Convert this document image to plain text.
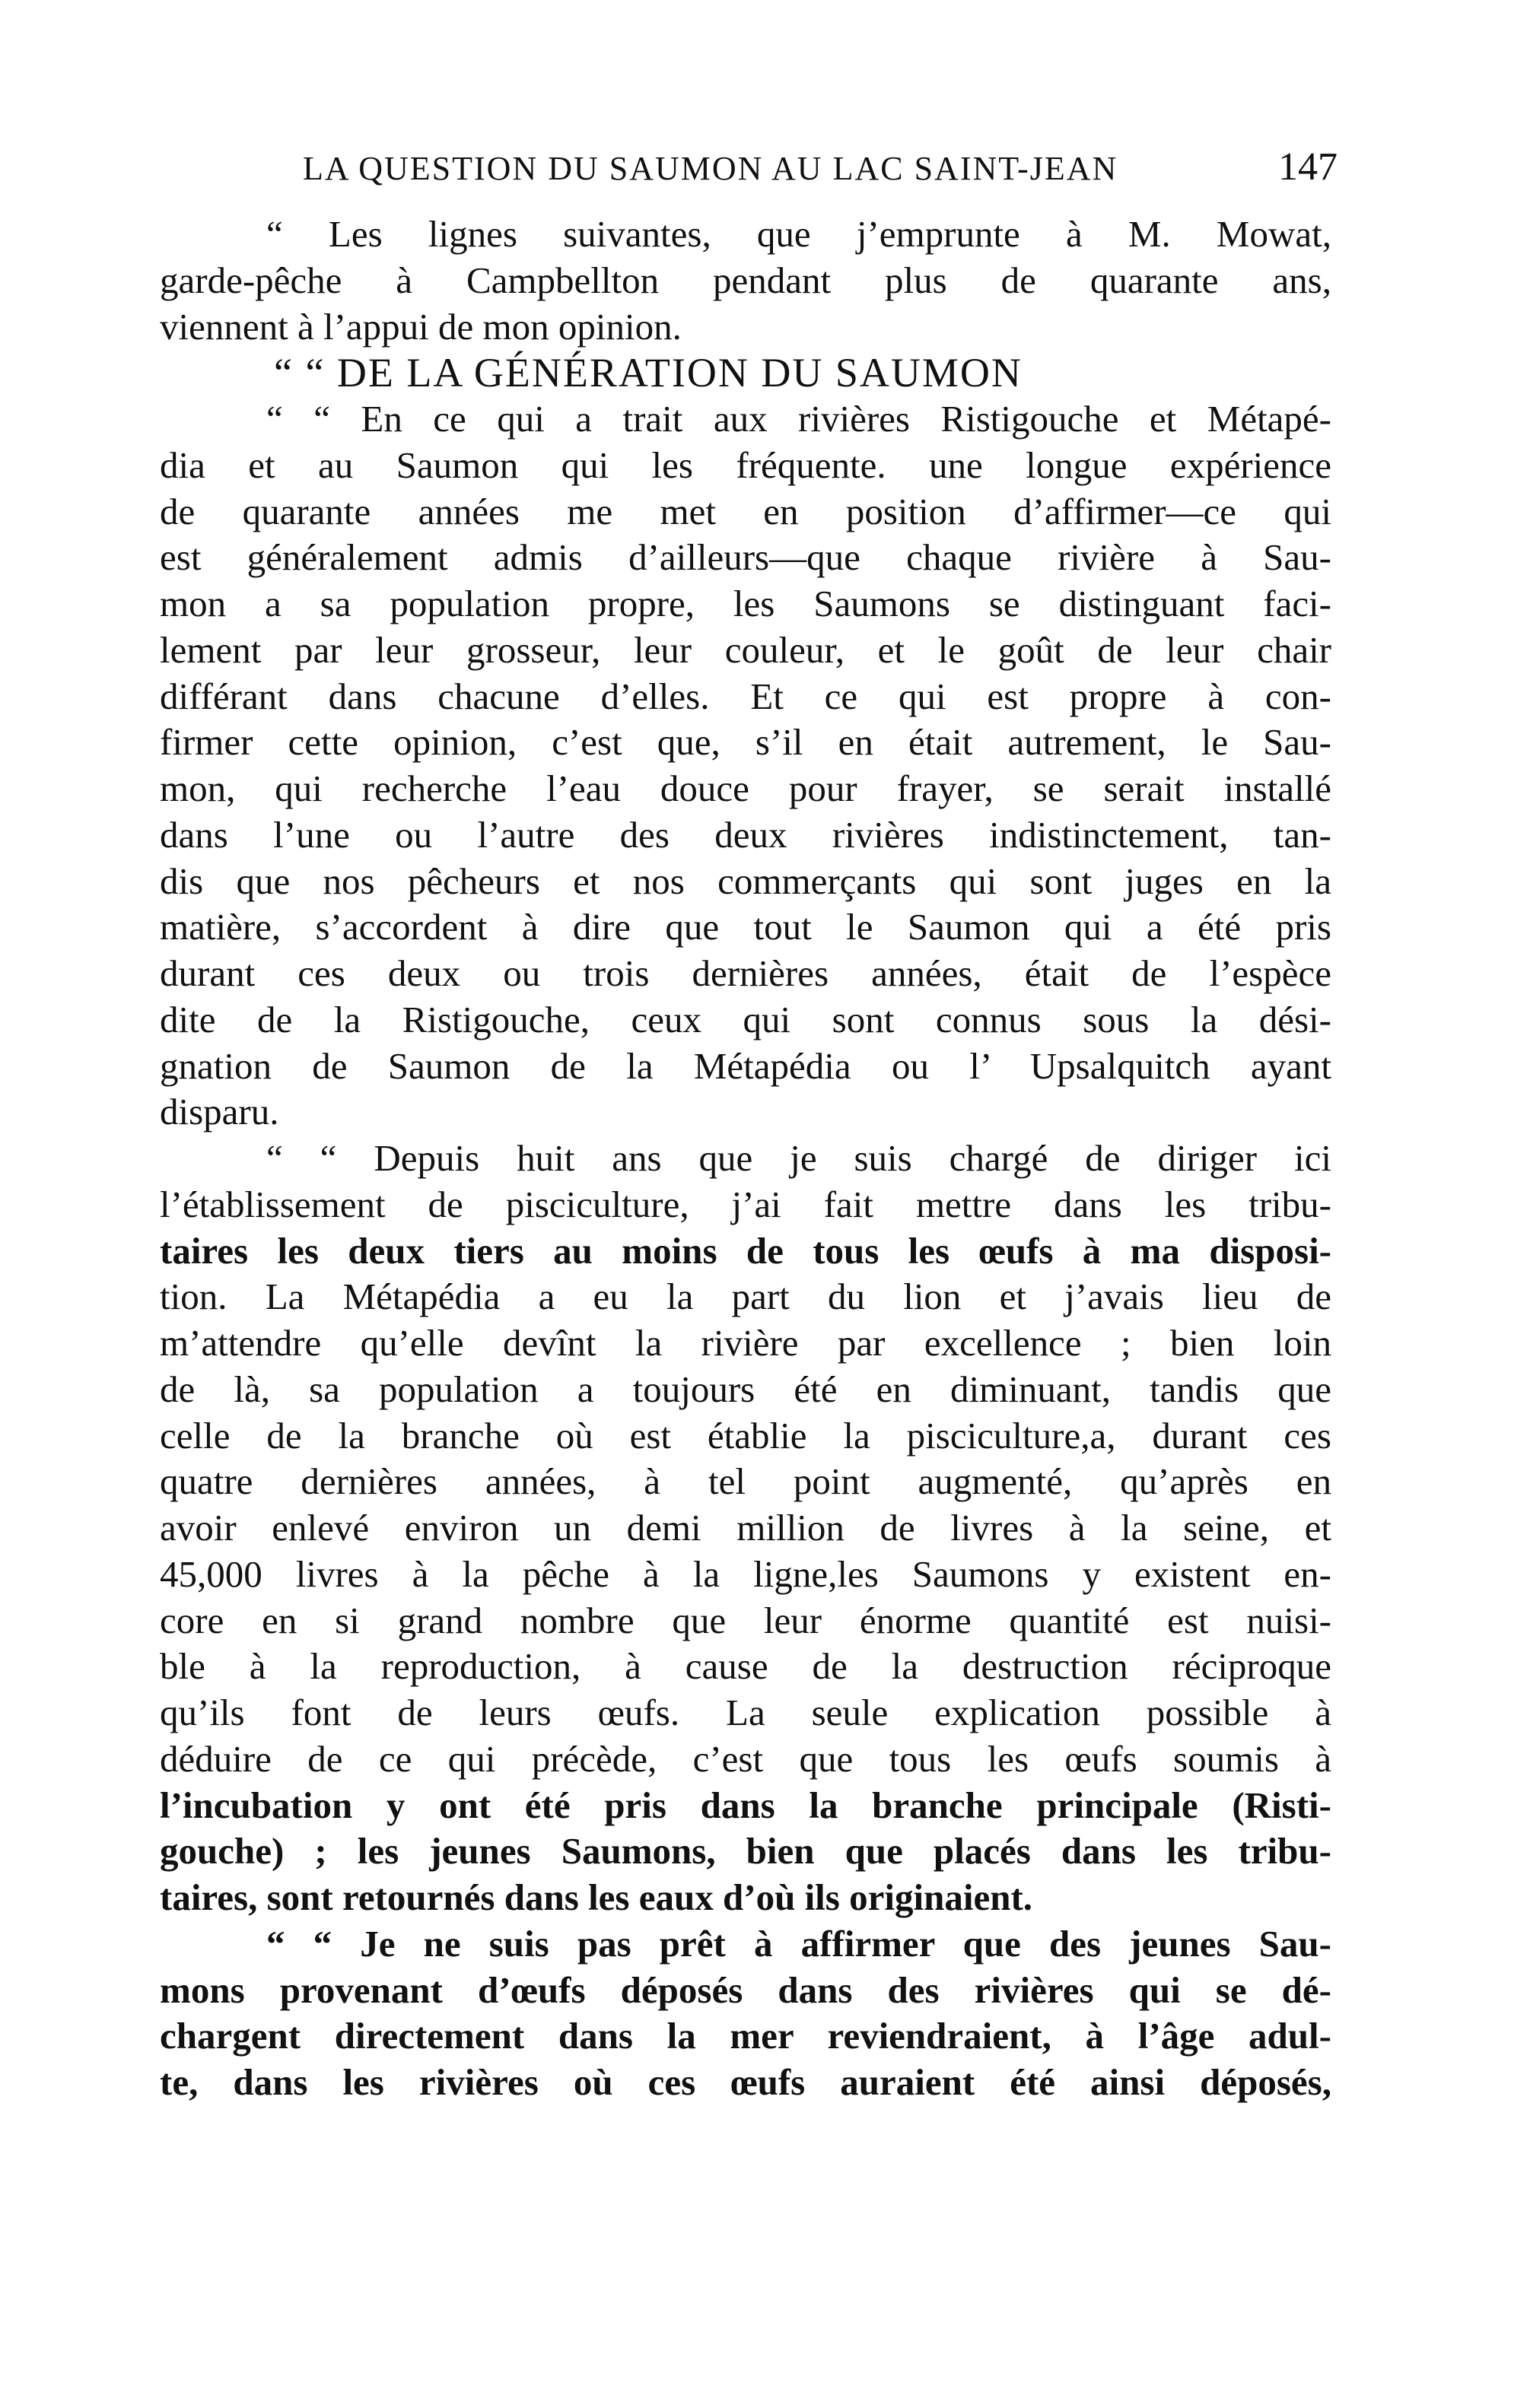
LA QUESTION DU SAUMON AU LAC SAINT-JEAN	147
“ Les lignes suivantes, que j’emprunte à M. Mowat,
garde-pêche à Campbellton pendant plus de quarante ans,
viennent à l’appui de mon opinion.
“ “ DE LA GÉNÉRATION DU SAUMON
“ “ En ce qui a trait aux rivières Ristigouche et Métapé-
dia et au Saumon qui les fréquente. une longue expérience
de quarante années me met en position d’affirmer—ce qui
est généralement admis d’ailleurs—que chaque rivière à Sau-
mon a sa population propre, les Saumons se distinguant faci-
lement par leur grosseur, leur couleur, et le goût de leur chair
différant dans chacune d’elles. Et ce qui est propre à con-
firmer cette opinion, c’est que, s’il en était autrement, le Sau-
mon, qui recherche l’eau douce pour frayer, se serait installé
dans l’une ou l’autre des deux rivières indistinctement, tan-
dis que nos pêcheurs et nos commerçants qui sont juges en la
matière, s’accordent à dire que tout le Saumon qui a été pris
durant ces deux ou trois dernières années, était de l’espèce
dite de la Ristigouche, ceux qui sont connus sous la dési-
gnation de Saumon de la Métapédia ou l’ Upsalquitch ayant
disparu.
“ “ Depuis huit ans que je suis chargé de diriger ici
l’établissement de pisciculture, j’ai fait mettre dans les tribu-
taires les deux tiers au moins de tous les œufs à ma disposi-
tion. La Métapédia a eu la part du lion et j’avais lieu de
m’attendre qu’elle devînt la rivière par excellence ; bien loin
de là, sa population a toujours été en diminuant, tandis que
celle de la branche où est établie la pisciculture,a, durant ces
quatre dernières années, à tel point augmenté, qu’après en
avoir enlevé environ un demi million de livres à la seine, et
45,000 livres à la pêche à la ligne,les Saumons y existent en-
core en si grand nombre que leur énorme quantité est nuisi-
ble à la reproduction, à cause de la destruction réciproque
qu’ils font de leurs œufs. La seule explication possible à
déduire de ce qui précède, c’est que tous les œufs soumis à
l’incubation y ont été pris dans la branche principale (Risti-
gouche) ; les jeunes Saumons, bien que placés dans les tribu-
taires, sont retournés dans les eaux d’où ils originaient.
“ “ Je ne suis pas prêt à affirmer que des jeunes Sau-
mons provenant d’œufs déposés dans des rivières qui se dé-
chargent directement dans la mer reviendraient, à l’âge adul-
te, dans les rivières où ces œufs auraient été ainsi déposés,
